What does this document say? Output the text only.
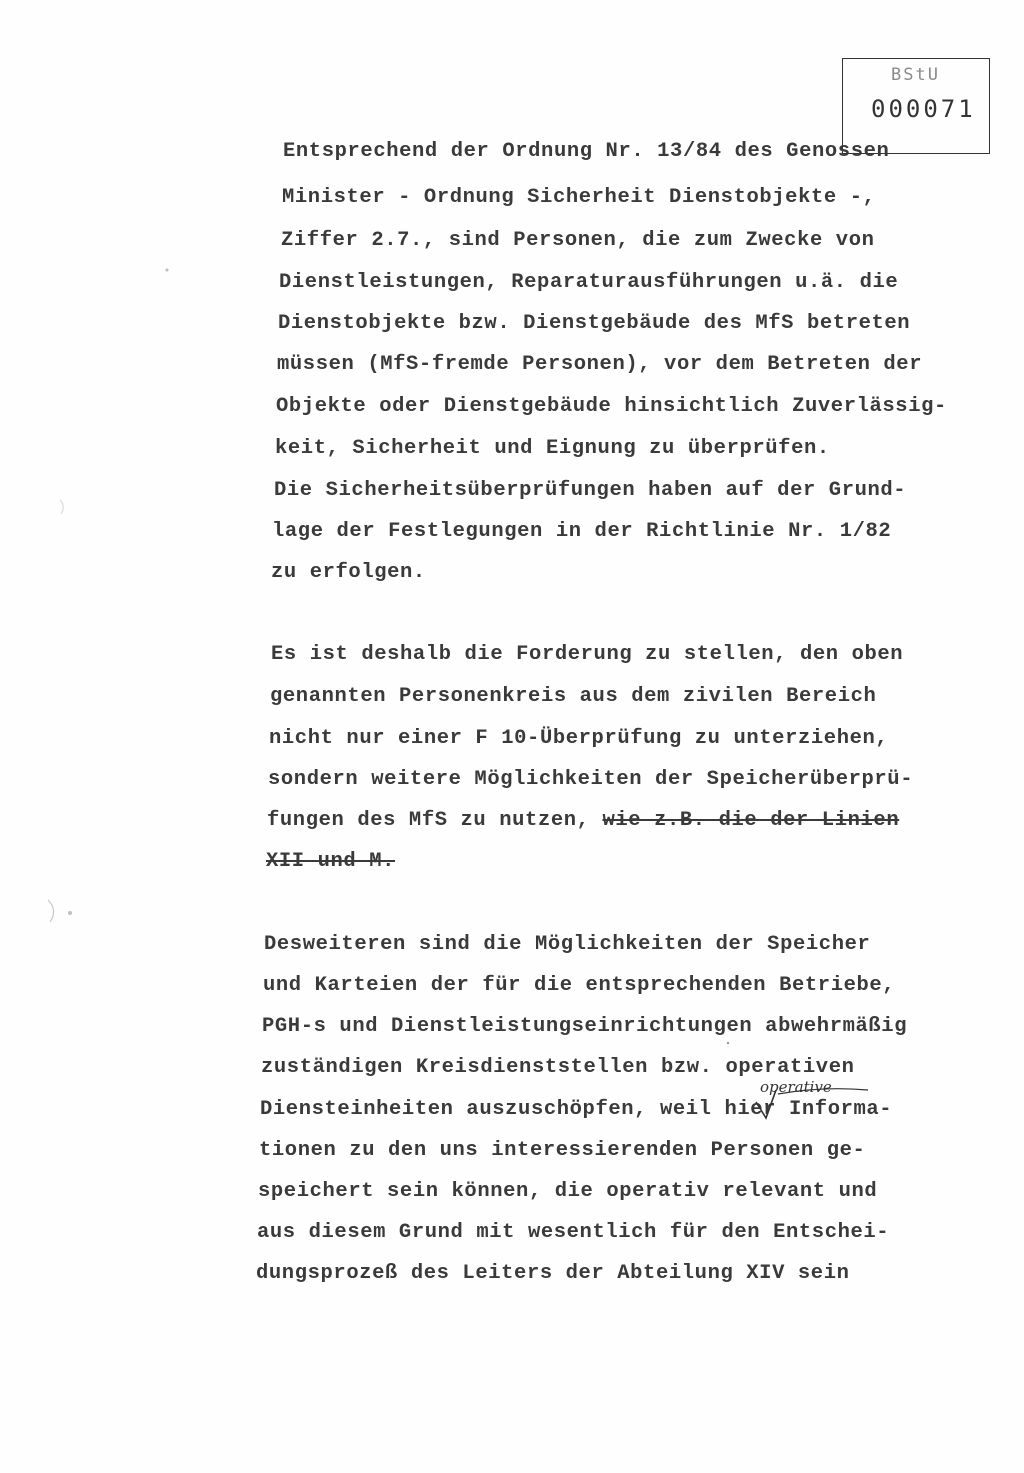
BStU
000071
Entsprechend der Ordnung Nr. 13/84 des Genossen
Minister - Ordnung Sicherheit Dienstobjekte -,
Ziffer 2.7., sind Personen, die zum Zwecke von
Dienstleistungen, Reparaturausführungen u.ä. die
Dienstobjekte bzw. Dienstgebäude des MfS betreten
müssen (MfS-fremde Personen), vor dem Betreten der
Objekte oder Dienstgebäude hinsichtlich Zuverlässig-
keit, Sicherheit und Eignung zu überprüfen.
Die Sicherheitsüberprüfungen haben auf der Grund-
lage der Festlegungen in der Richtlinie Nr. 1/82
zu erfolgen.
Es ist deshalb die Forderung zu stellen, den oben
genannten Personenkreis aus dem zivilen Bereich
nicht nur einer F 10-Überprüfung zu unterziehen,
sondern weitere Möglichkeiten der Speicherüberprü-
fungen des MfS zu nutzen, wie z.B. die der Linien
XII und M.
Desweiteren sind die Möglichkeiten der Speicher
und Karteien der für die entsprechenden Betriebe,
PGH-s und Dienstleistungseinrichtungen abwehrmäßig
zuständigen Kreisdienststellen bzw. operativen
Diensteinheiten auszuschöpfen, weil hier Informa-
tionen zu den uns interessierenden Personen ge-
speichert sein können, die operativ relevant und
aus diesem Grund mit wesentlich für den Entschei-
dungsprozeß des Leiters der Abteilung XIV sein
operative
